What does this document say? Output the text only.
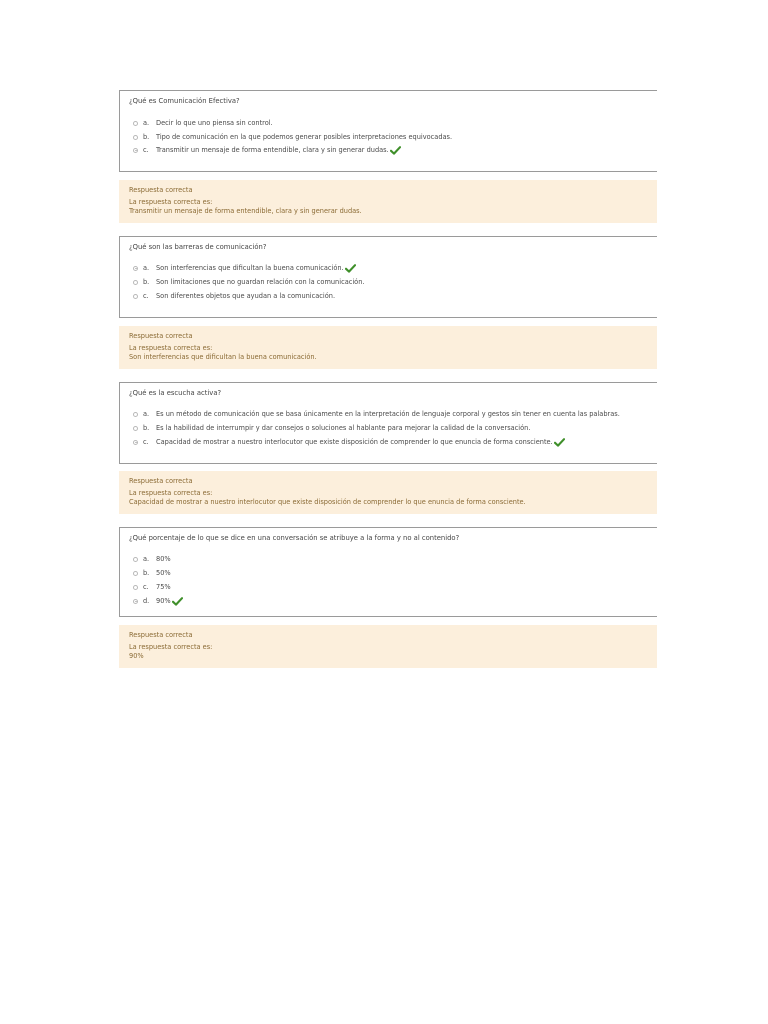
¿Qué es Comunicación Efectiva?
a.	Decir lo que uno piensa sin control.
b.	Tipo de comunicación en la que podemos generar posibles interpretaciones equivocadas.
c.	Transmitir un mensaje de forma entendible, clara y sin generar dudas.
Respuesta correcta
La respuesta correcta es:
Transmitir un mensaje de forma entendible, clara y sin generar dudas.
¿Qué son las barreras de comunicación?
a.	Son interferencias que dificultan la buena comunicación.
b.	Son limitaciones que no guardan relación con la comunicación.
c.	Son diferentes objetos que ayudan a la comunicación.
Respuesta correcta
La respuesta correcta es:
Son interferencias que dificultan la buena comunicación.
¿Qué es la escucha activa?
a.	Es un método de comunicación que se basa únicamente en la interpretación de lenguaje corporal y gestos sin tener en cuenta las palabras.
b.	Es la habilidad de interrumpir y dar consejos o soluciones al hablante para mejorar la calidad de la conversación.
c.	Capacidad de mostrar a nuestro interlocutor que existe disposición de comprender lo que enuncia de forma consciente.
Respuesta correcta
La respuesta correcta es:
Capacidad de mostrar a nuestro interlocutor que existe disposición de comprender lo que enuncia de forma consciente.
¿Qué porcentaje de lo que se dice en una conversación se atribuye a la forma y no al contenido?
a.	80%
b.	50%
c.	75%
d.	90%
Respuesta correcta
La respuesta correcta es:
90%
